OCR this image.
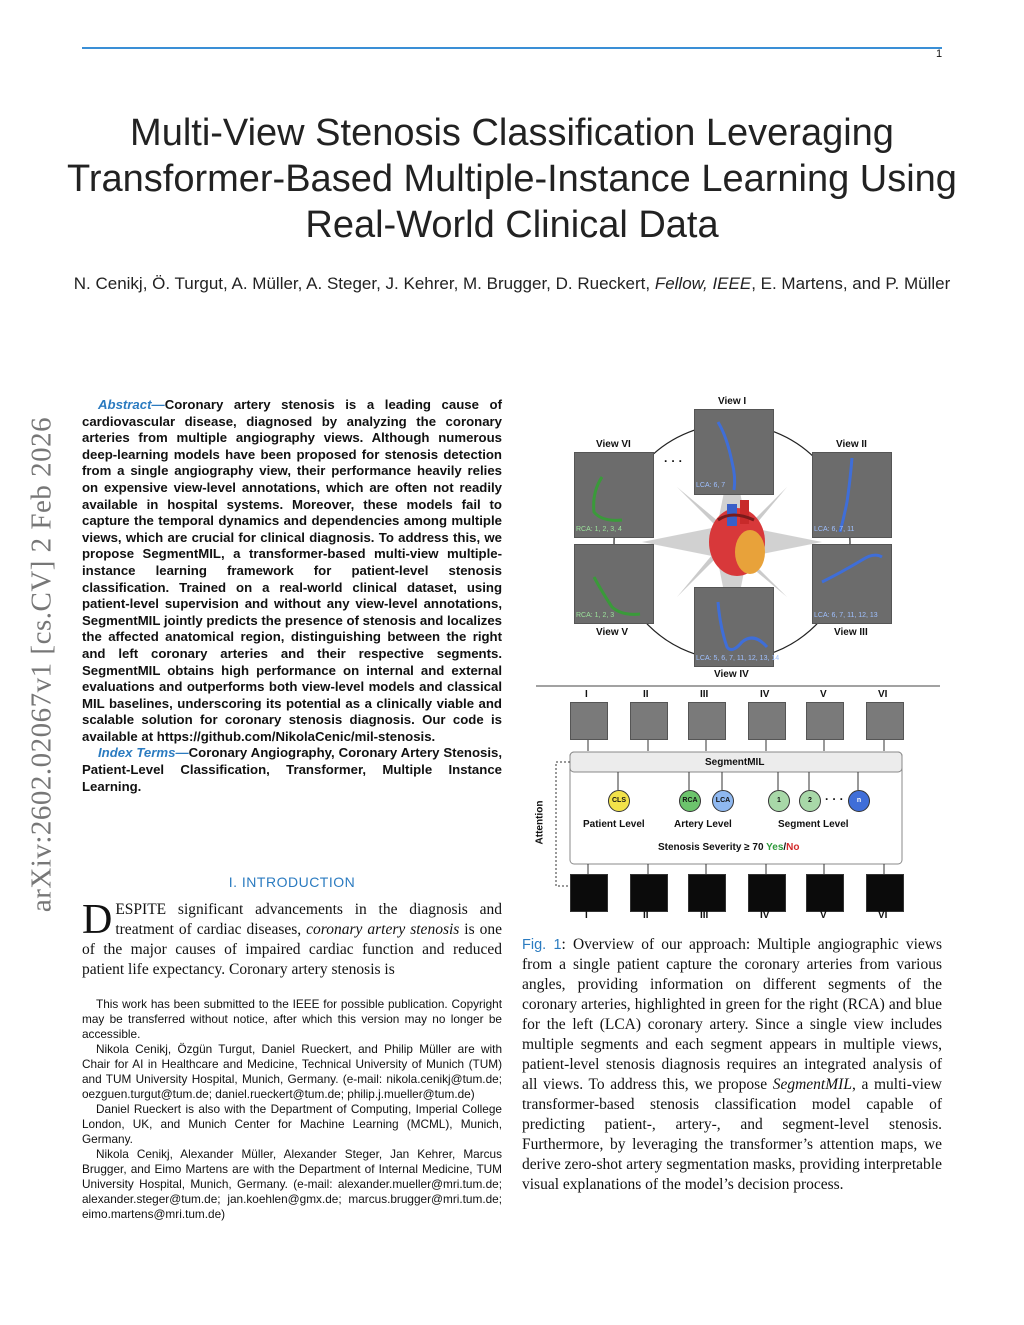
1
arXiv:2602.02067v1 [cs.CV] 2 Feb 2026
Multi-View Stenosis Classification Leveraging Transformer-Based Multiple-Instance Learning Using Real-World Clinical Data
N. Cenikj, Ö. Turgut, A. Müller, A. Steger, J. Kehrer, M. Brugger, D. Rueckert, Fellow, IEEE, E. Martens, and P. Müller

Abstract—Coronary artery stenosis is a leading cause of cardiovascular disease, diagnosed by analyzing the coronary arteries from multiple angiography views. Although numerous deep-learning models have been proposed for stenosis detection from a single angiography view, their performance heavily relies on expensive view-level annotations, which are often not readily available in hospital systems. Moreover, these models fail to capture the temporal dynamics and dependencies among multiple views, which are crucial for clinical diagnosis. To address this, we propose SegmentMIL, a transformer-based multi-view multiple-instance learning framework for patient-level stenosis classification. Trained on a real-world clinical dataset, using patient-level supervision and without any view-level annotations, SegmentMIL jointly predicts the presence of stenosis and localizes the affected anatomical region, distinguishing between the right and left coronary arteries and their respective segments. SegmentMIL obtains high performance on internal and external evaluations and outperforms both view-level models and classical MIL baselines, underscoring its potential as a clinically viable and scalable solution for coronary stenosis diagnosis. Our code is available at https://github.com/NikolaCenic/mil-stenosis.

Index Terms—Coronary Angiography, Coronary Artery Stenosis, Patient-Level Classification, Transformer, Multiple Instance Learning.

I. INTRODUCTION
DESPITE significant advancements in the diagnosis and treatment of cardiac diseases, coronary artery stenosis is one of the major causes of impaired cardiac function and reduced patient life expectancy. Coronary artery stenosis is

This work has been submitted to the IEEE for possible publication. Copyright may be transferred without notice, after which this version may no longer be accessible.

Nikola Cenikj, Özgün Turgut, Daniel Rueckert, and Philip Müller are with Chair for AI in Healthcare and Medicine, Technical University of Munich (TUM) and TUM University Hospital, Munich, Germany. (e-mail: nikola.cenikj@tum.de; oezguen.turgut@tum.de; daniel.rueckert@tum.de; philip.j.mueller@tum.de)

Daniel Rueckert is also with the Department of Computing, Imperial College London, UK, and Munich Center for Machine Learning (MCML), Munich, Germany.

Nikola Cenikj, Alexander Müller, Alexander Steger, Jan Kehrer, Marcus Brugger, and Eimo Martens are with the Department of Internal Medicine, TUM University Hospital, Munich, Germany. (e-mail: alexander.mueller@mri.tum.de; alexander.steger@tum.de; jan.koehlen@gmx.de; marcus.brugger@mri.tum.de; eimo.martens@mri.tum.de)

View I
View II
View III
View IV
View V
View VI
· · ·
LCA: 6, 7
LCA: 6, 7, 11
LCA: 6, 7, 11, 12, 13
LCA: 5, 6, 7, 11, 12, 13, 14
RCA: 1, 2, 3
RCA: 1, 2, 3, 4
I	II	III	IV	V	VI
SegmentMIL
CLS	RCA	LCA	1	2	· · ·	n
Patient Level	Artery Level	Segment Level
Stenosis Severity ≥ 70 Yes/No
Attention
I	II	III	IV	V	VI
Fig. 1: Overview of our approach: Multiple angiographic views from a single patient capture the coronary arteries from various angles, providing information on different segments of the coronary arteries, highlighted in green for the right (RCA) and blue for the left (LCA) coronary artery. Since a single view includes multiple segments and each segment appears in multiple views, patient-level stenosis diagnosis requires an integrated analysis of all views. To address this, we propose SegmentMIL, a multi-view transformer-based stenosis classification model capable of predicting patient-, artery-, and segment-level stenosis. Furthermore, by leveraging the transformer’s attention maps, we derive zero-shot artery segmentation masks, providing interpretable visual explanations of the model’s decision process.
